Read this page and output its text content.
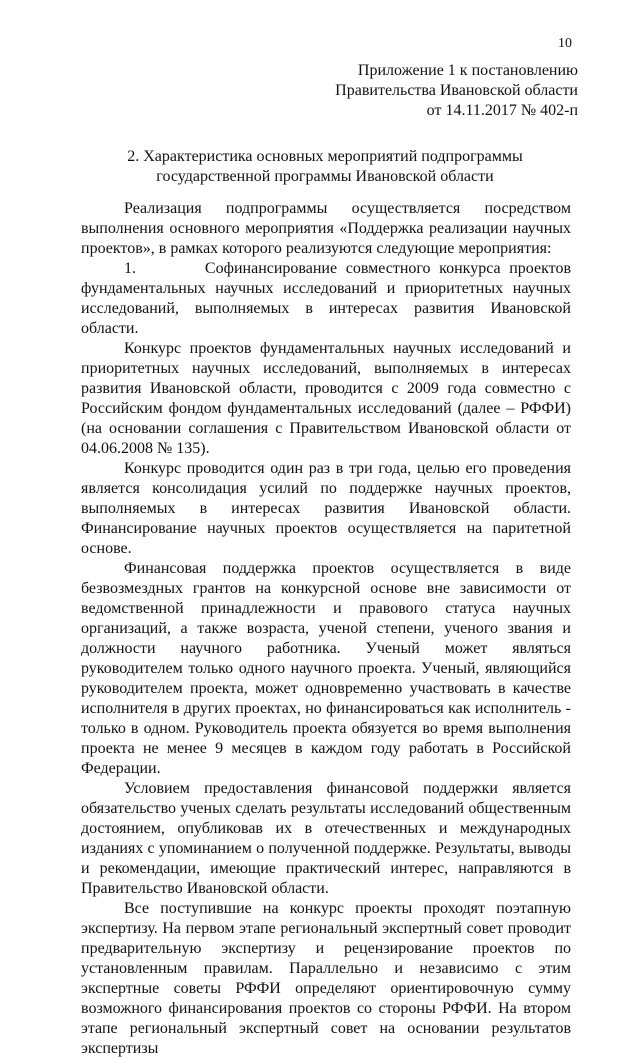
10
Приложение 1 к постановлению
Правительства Ивановской области
от 14.11.2017 № 402-п
2. Характеристика основных мероприятий подпрограммы
государственной программы Ивановской области

Реализация подпрограммы осуществляется посредством выполнения основного мероприятия «Поддержка реализации научных проектов», в рамках которого реализуются следующие мероприятия:

1.        Софинансирование совместного конкурса проектов фундаментальных научных исследований и приоритетных научных исследований, выполняемых в интересах развития Ивановской области.

Конкурс проектов фундаментальных научных исследований и приоритетных научных исследований, выполняемых в интересах развития Ивановской области, проводится с 2009 года совместно с Российским фондом фундаментальных исследований (далее – РФФИ) (на основании соглашения с Правительством Ивановской области от 04.06.2008 № 135).

Конкурс проводится один раз в три года, целью его проведения является консолидация усилий по поддержке научных проектов, выполняемых в интересах развития Ивановской области. Финансирование научных проектов осуществляется на паритетной основе.

Финансовая поддержка проектов осуществляется в виде безвозмездных грантов на конкурсной основе вне зависимости от ведомственной принадлежности и правового статуса научных организаций, а также возраста, ученой степени, ученого звания и должности научного работника. Ученый может являться руководителем только одного научного проекта. Ученый, являющийся руководителем проекта, может одновременно участвовать в качестве исполнителя в других проектах, но финансироваться как исполнитель - только в одном. Руководитель проекта обязуется во время выполнения проекта не менее 9 месяцев в каждом году работать в Российской Федерации.

Условием предоставления финансовой поддержки является обязательство ученых сделать результаты исследований общественным достоянием, опубликовав их в отечественных и международных изданиях с упоминанием о полученной поддержке. Результаты, выводы и рекомендации, имеющие практический интерес, направляются в Правительство Ивановской области.

Все поступившие на конкурс проекты проходят поэтапную экспертизу. На первом этапе региональный экспертный совет проводит предварительную экспертизу и рецензирование проектов по установленным правилам. Параллельно и независимо с этим экспертные советы РФФИ определяют ориентировочную сумму возможного финансирования проектов со стороны РФФИ. На втором этапе региональный экспертный совет на основании результатов экспертизы
